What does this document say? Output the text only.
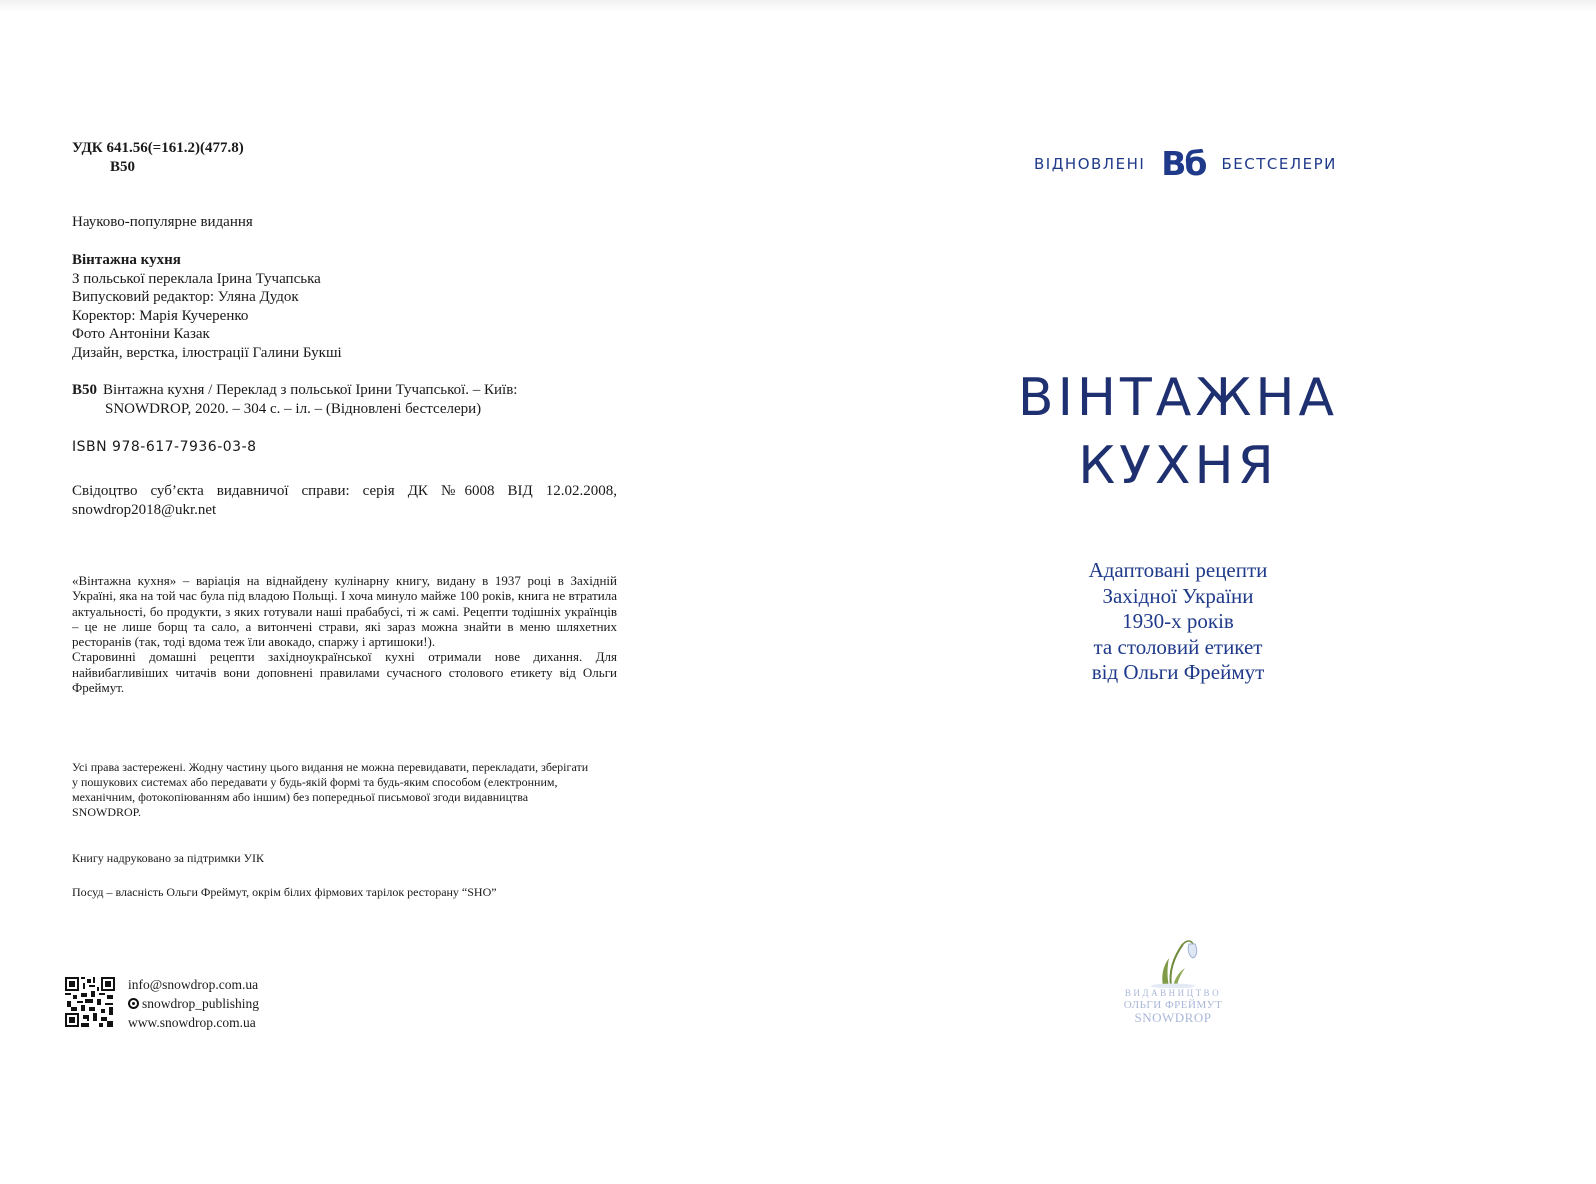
УДК 641.56(=161.2)(477.8)
В50
Науково-популярне видання
Вінтажна кухня
З польської переклала Ірина Тучапська
Випусковий редактор: Уляна Дудок
Коректор: Марія Кучеренко
Фото Антоніни Казак
Дизайн, верстка, ілюстрації Галини Букші
В50 Вінтажна кухня / Переклад з польської Ірини Тучапської. – Київ:
SNOWDROP, 2020. – 304 с. – іл. – (Відновлені бестселери)
ISBN 978-617-7936-03-8
Свідоцтво суб’єкта видавничої справи: серія ДК №6008 ВІД 12.02.2008, snowdrop2018@ukr.net
«Вінтажна кухня» – варіація на віднайдену кулінарну книгу, видану в 1937 році в Західній Україні, яка на той час була під владою Польщі. І хоча минуло майже 100 років, книга не втратила актуальності, бо продукти, з яких готували наші прабабусі, ті ж самі. Рецепти тодішніх українців – це не лише борщ та сало, а витончені страви, які зараз можна знайти в меню шляхетних ресторанів (так, тоді вдома теж їли авокадо, спаржу і артишоки!).
Старовинні домашні рецепти західноукраїнської кухні отримали нове дихання. Для найвибагливіших читачів вони доповнені правилами сучасного столового етикету від Ольги Фреймут.
Усі права застережені. Жодну частину цього видання не можна перевидавати, перекладати, зберігати у пошукових системах або передавати у будь-якій формі та будь-яким способом (електронним, механічним, фотокопіюванням або іншим) без попередньої письмової згоди видавництва SNOWDROP.
Книгу надруковано за підтримки УІК
Посуд – власність Ольги Фреймут, окрім білих фірмових тарілок ресторану “SHO”
info@snowdrop.com.ua
snowdrop_publishing
www.snowdrop.com.ua
ВІДНОВЛЕНІ Вб БЕСТСЕЛЕРИ
ВІНТАЖНА
КУХНЯ
Адаптовані рецепти
Західної України
1930-х років
та столовий етикет
від Ольги Фреймут
ВИДАВНИЦТВО
ОЛЬГИ ФРЕЙМУТ
SNOWDROP
